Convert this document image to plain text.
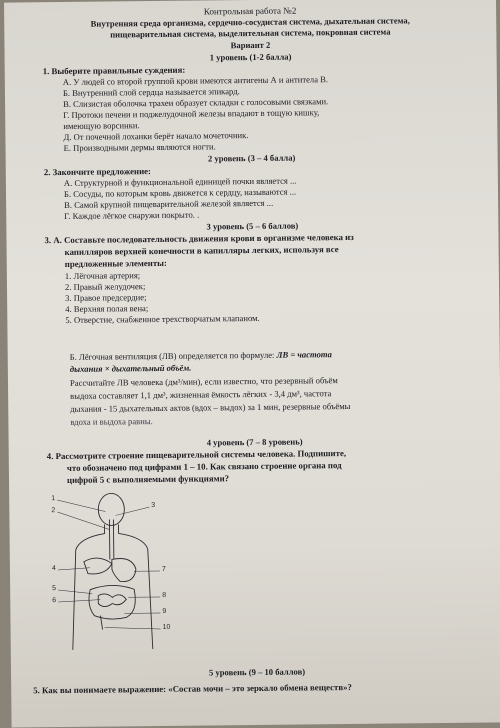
Контрольная работа №2
Внутренняя среда организма, сердечно-сосудистая система, дыхательная система,
пищеварительная система, выделительная система, покровная система
Вариант 2
1 уровень (1-2 балла)
1. Выберите правильные суждения:
А. У людей со второй группой крови имеются антигены А и антитела В.
Б. Внутренний слой сердца называется эпикард.
В. Слизистая оболочка трахеи образует складки с голосовыми связками.
Г. Протоки печени и поджелудочной железы впадают в тощую кишку,
имеющую ворсинки.
Д. От почечной лоханки берёт начало мочеточник.
Е. Производными дермы являются ногти.
2 уровень (3 – 4 балла)
2. Закончите предложение:
А. Структурной и функциональной единицей почки является ...
Б. Сосуды, по которым кровь движется к сердцу, называются ...
В. Самой крупной пищеварительной железой является ...
Г. Каждое лёгкое снаружи покрыто. .
3 уровень (5 – 6 баллов)
3. А. Составьте последовательность движения крови в организме человека из
капилляров верхней конечности в капилляры легких, используя все
предложенные элементы:
1. Лёгочная артерия;
2. Правый желудочек;
3. Правое предсердие;
4. Верхняя полая вена;
5. Отверстие, снабженное трехстворчатым клапаном.
Б. Лёгочная вентиляция (ЛВ) определяется по формуле: ЛВ = частота
дыхания × дыхательный объём.
Рассчитайте ЛВ человека (дм³/мин), если известно, что резервный объём
выдоха составляет 1,1 дм³, жизненная ёмкость лёгких - 3,4 дм³, частота
дыхания - 15 дыхательных актов (вдох – выдох) за 1 мин, резервные объёмы
вдоха и выдоха равны.
4 уровень (7 – 8 уровень)
4. Рассмотрите строение пищеварительной системы человека. Подпишите,
что обозначено под цифрами 1 – 10. Как связано строение органа под
цифрой 5 с выполняемыми функциями?
1
2
3
4
5
6
7
8
9
10
5 уровень (9 – 10 баллов)
5. Как вы понимаете выражение: «Состав мочи – это зеркало обмена веществ»?
